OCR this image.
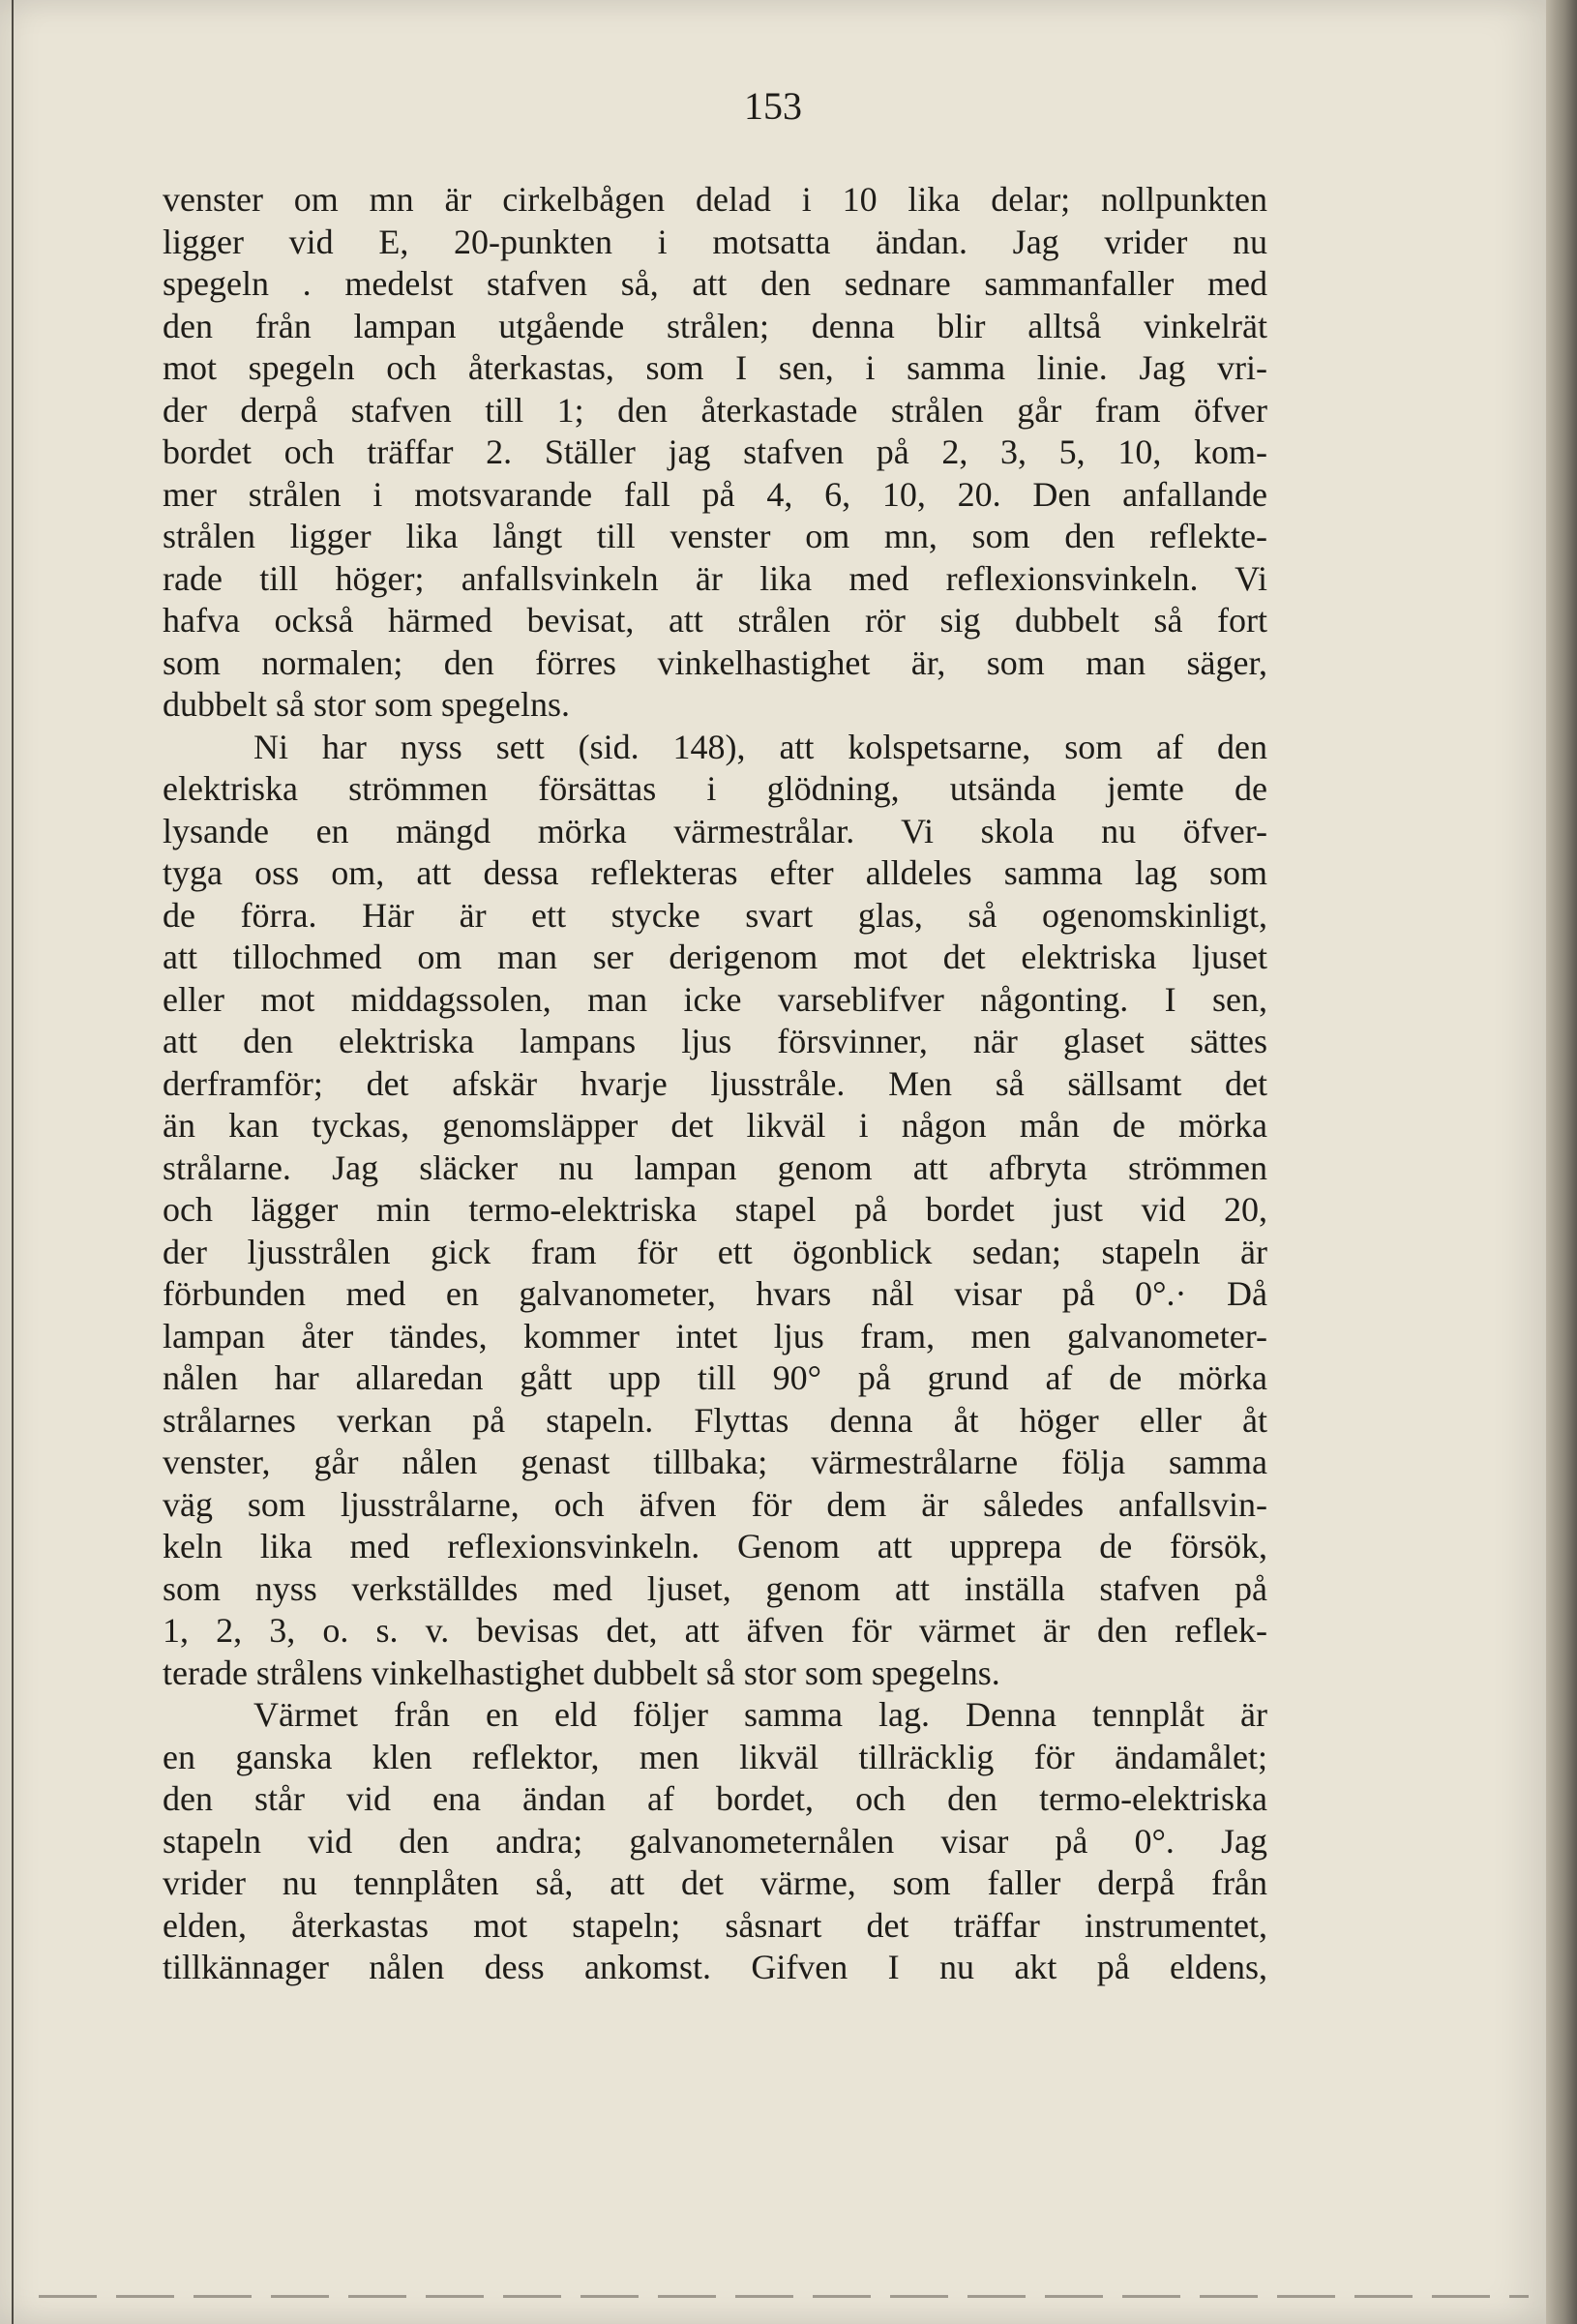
153
venster om mn är cirkelbågen delad i 10 lika delar; nollpunkten
ligger vid E, 20-punkten i motsatta ändan. Jag vrider nu
spegeln . medelst stafven så, att den sednare sammanfaller med
den från lampan utgående strålen; denna blir alltså vinkelrät
mot spegeln och återkastas, som I sen, i samma linie. Jag vri-
der derpå stafven till 1; den återkastade strålen går fram öfver
bordet och träffar 2. Ställer jag stafven på 2, 3, 5, 10, kom-
mer strålen i motsvarande fall på 4, 6, 10, 20. Den anfallande
strålen ligger lika långt till venster om mn, som den reflekte-
rade till höger; anfallsvinkeln är lika med reflexionsvinkeln. Vi
hafva också härmed bevisat, att strålen rör sig dubbelt så fort
som normalen; den förres vinkelhastighet är, som man säger,
dubbelt så stor som spegelns.
Ni har nyss sett (sid. 148), att kolspetsarne, som af den
elektriska strömmen försättas i glödning, utsända jemte de
lysande en mängd mörka värmestrålar. Vi skola nu öfver-
tyga oss om, att dessa reflekteras efter alldeles samma lag som
de förra. Här är ett stycke svart glas, så ogenomskinligt,
att tillochmed om man ser derigenom mot det elektriska ljuset
eller mot middagssolen, man icke varseblifver någonting. I sen,
att den elektriska lampans ljus försvinner, när glaset sättes
derframför; det afskär hvarje ljusstråle. Men så sällsamt det
än kan tyckas, genomsläpper det likväl i någon mån de mörka
strålarne. Jag släcker nu lampan genom att afbryta strömmen
och lägger min termo-elektriska stapel på bordet just vid 20,
der ljusstrålen gick fram för ett ögonblick sedan; stapeln är
förbunden med en galvanometer, hvars nål visar på 0°.· Då
lampan åter tändes, kommer intet ljus fram, men galvanometer-
nålen har allaredan gått upp till 90° på grund af de mörka
strålarnes verkan på stapeln. Flyttas denna åt höger eller åt
venster, går nålen genast tillbaka; värmestrålarne följa samma
väg som ljusstrålarne, och äfven för dem är således anfallsvin-
keln lika med reflexionsvinkeln. Genom att upprepa de försök,
som nyss verkställdes med ljuset, genom att inställa stafven på
1, 2, 3, o. s. v. bevisas det, att äfven för värmet är den reflek-
terade strålens vinkelhastighet dubbelt så stor som spegelns.
Värmet från en eld följer samma lag. Denna tennplåt är
en ganska klen reflektor, men likväl tillräcklig för ändamålet;
den står vid ena ändan af bordet, och den termo-elektriska
stapeln vid den andra; galvanometernålen visar på 0°. Jag
vrider nu tennplåten så, att det värme, som faller derpå från
elden, återkastas mot stapeln; såsnart det träffar instrumentet,
tillkännager nålen dess ankomst. Gifven I nu akt på eldens,
